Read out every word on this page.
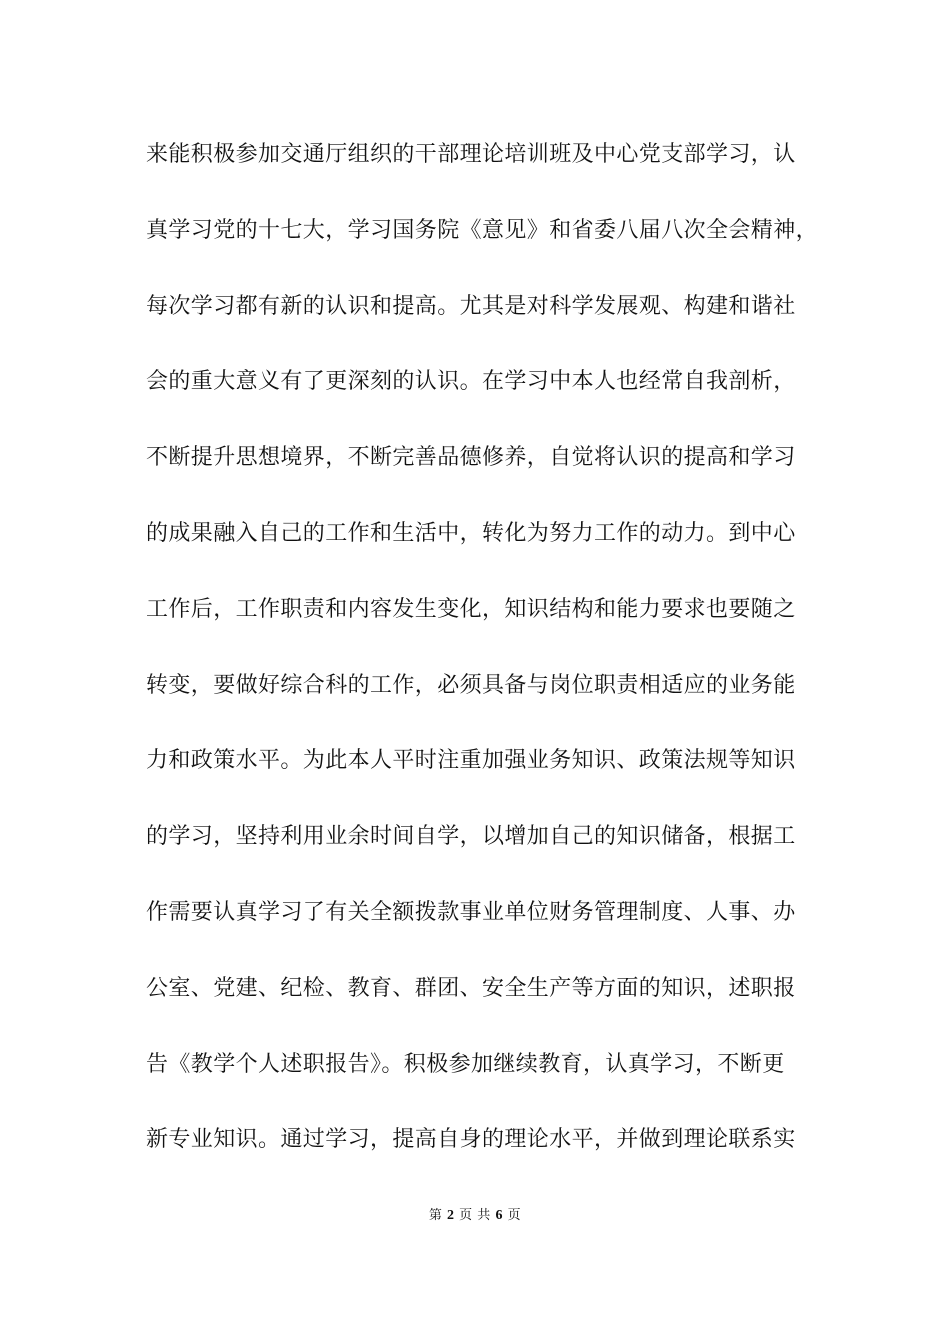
来能积极参加交通厅组织的干部理论培训班及中心党支部学习，认
真学习党的十七大，学习国务院《意见》和省委八届八次全会精神，
每次学习都有新的认识和提高。尤其是对科学发展观、构建和谐社
会的重大意义有了更深刻的认识。在学习中本人也经常自我剖析，
不断提升思想境界，不断完善品德修养，自觉将认识的提高和学习
的成果融入自己的工作和生活中，转化为努力工作的动力。到中心
工作后，工作职责和内容发生变化，知识结构和能力要求也要随之
转变，要做好综合科的工作，必须具备与岗位职责相适应的业务能
力和政策水平。为此本人平时注重加强业务知识、政策法规等知识
的学习，坚持利用业余时间自学，以增加自己的知识储备，根据工
作需要认真学习了有关全额拨款事业单位财务管理制度、人事、办
公室、党建、纪检、教育、群团、安全生产等方面的知识，述职报
告《教学个人述职报告》。积极参加继续教育，认真学习，不断更
新专业知识。通过学习，提高自身的理论水平，并做到理论联系实
第 2 页 共 6 页
